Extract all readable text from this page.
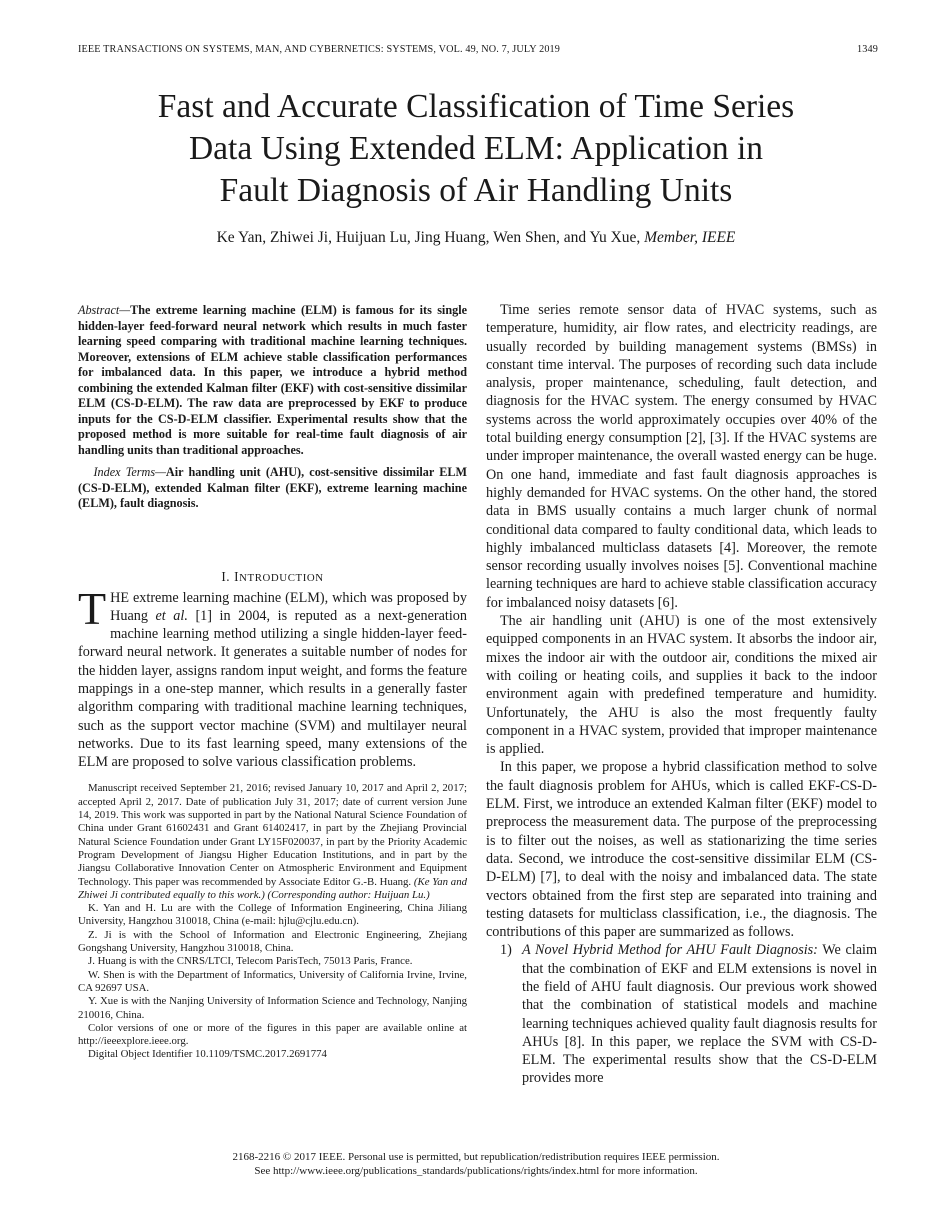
IEEE TRANSACTIONS ON SYSTEMS, MAN, AND CYBERNETICS: SYSTEMS, VOL. 49, NO. 7, JULY 2019	1349
Fast and Accurate Classification of Time Series
Data Using Extended ELM: Application in
Fault Diagnosis of Air Handling Units
Ke Yan, Zhiwei Ji, Huijuan Lu, Jing Huang, Wen Shen, and Yu Xue, Member, IEEE

Abstract—The extreme learning machine (ELM) is famous for its single hidden-layer feed-forward neural network which results in much faster learning speed comparing with traditional machine learning techniques. Moreover, extensions of ELM achieve stable classification performances for imbalanced data. In this paper, we introduce a hybrid method combining the extended Kalman filter (EKF) with cost-sensitive dissimilar ELM (CS-D-ELM). The raw data are preprocessed by EKF to produce inputs for the CS-D-ELM classifier. Experimental results show that the proposed method is more suitable for real-time fault diagnosis of air handling units than traditional approaches.

Index Terms—Air handling unit (AHU), cost-sensitive dissimilar ELM (CS-D-ELM), extended Kalman filter (EKF), extreme learning machine (ELM), fault diagnosis.

I. INTRODUCTION

THE extreme learning machine (ELM), which was proposed by Huang et al. [1] in 2004, is reputed as a next-generation machine learning method utilizing a single hidden-layer feed-forward neural network. It generates a suitable number of nodes for the hidden layer, assigns random input weight, and forms the feature mappings in a one-step manner, which results in a generally faster algorithm comparing with traditional machine learning techniques, such as the support vector machine (SVM) and multilayer neural networks. Due to its fast learning speed, many extensions of the ELM are proposed to solve various classification problems.

Manuscript received September 21, 2016; revised January 10, 2017 and April 2, 2017; accepted April 2, 2017. Date of publication July 31, 2017; date of current version June 14, 2019. This work was supported in part by the National Natural Science Foundation of China under Grant 61602431 and Grant 61402417, in part by the Zhejiang Provincial Natural Science Foundation under Grant LY15F020037, in part by the Priority Academic Program Development of Jiangsu Higher Education Institutions, and in part by the Jiangsu Collaborative Innovation Center on Atmospheric Environment and Equipment Technology. This paper was recommended by Associate Editor G.-B. Huang. (Ke Yan and Zhiwei Ji contributed equally to this work.) (Corresponding author: Huijuan Lu.)

K. Yan and H. Lu are with the College of Information Engineering, China Jiliang University, Hangzhou 310018, China (e-mail: hjlu@cjlu.edu.cn).

Z. Ji is with the School of Information and Electronic Engineering, Zhejiang Gongshang University, Hangzhou 310018, China.

J. Huang is with the CNRS/LTCI, Telecom ParisTech, 75013 Paris, France.

W. Shen is with the Department of Informatics, University of California Irvine, Irvine, CA 92697 USA.

Y. Xue is with the Nanjing University of Information Science and Technology, Nanjing 210016, China.

Color versions of one or more of the figures in this paper are available online at http://ieeexplore.ieee.org.

Digital Object Identifier 10.1109/TSMC.2017.2691774

Time series remote sensor data of HVAC systems, such as temperature, humidity, air flow rates, and electricity readings, are usually recorded by building management systems (BMSs) in constant time interval. The purposes of recording such data include analysis, proper maintenance, scheduling, fault detection, and diagnosis for the HVAC system. The energy consumed by HVAC systems across the world approximately occupies over 40% of the total building energy consumption [2], [3]. If the HVAC systems are under improper maintenance, the overall wasted energy can be huge. On one hand, immediate and fast fault diagnosis approaches is highly demanded for HVAC systems. On the other hand, the stored data in BMS usually contains a much larger chunk of normal conditional data compared to faulty conditional data, which leads to highly imbalanced multiclass datasets [4]. Moreover, the remote sensor recording usually involves noises [5]. Conventional machine learning techniques are hard to achieve stable classification accuracy for imbalanced noisy datasets [6].

The air handling unit (AHU) is one of the most extensively equipped components in an HVAC system. It absorbs the indoor air, mixes the indoor air with the outdoor air, conditions the mixed air with coiling or heating coils, and supplies it back to the indoor environment again with predefined temperature and humidity. Unfortunately, the AHU is also the most frequently faulty component in a HVAC system, provided that improper maintenance is applied.

In this paper, we propose a hybrid classification method to solve the fault diagnosis problem for AHUs, which is called EKF-CS-D-ELM. First, we introduce an extended Kalman filter (EKF) model to preprocess the measurement data. The purpose of the preprocessing is to filter out the noises, as well as stationarizing the time series data. Second, we introduce the cost-sensitive dissimilar ELM (CS-D-ELM) [7], to deal with the noisy and imbalanced data. The state vectors obtained from the first step are separated into training and testing datasets for multiclass classification, i.e., the diagnosis. The contributions of this paper are summarized as follows.

1) A Novel Hybrid Method for AHU Fault Diagnosis: We claim that the combination of EKF and ELM extensions is novel in the field of AHU fault diagnosis. Our previous work showed that the combination of statistical models and machine learning techniques achieved quality fault diagnosis results for AHUs [8]. In this paper, we replace the SVM with CS-D-ELM. The experimental results show that the CS-D-ELM provides more
2168-2216 © 2017 IEEE. Personal use is permitted, but republication/redistribution requires IEEE permission.
See http://www.ieee.org/publications_standards/publications/rights/index.html for more information.
